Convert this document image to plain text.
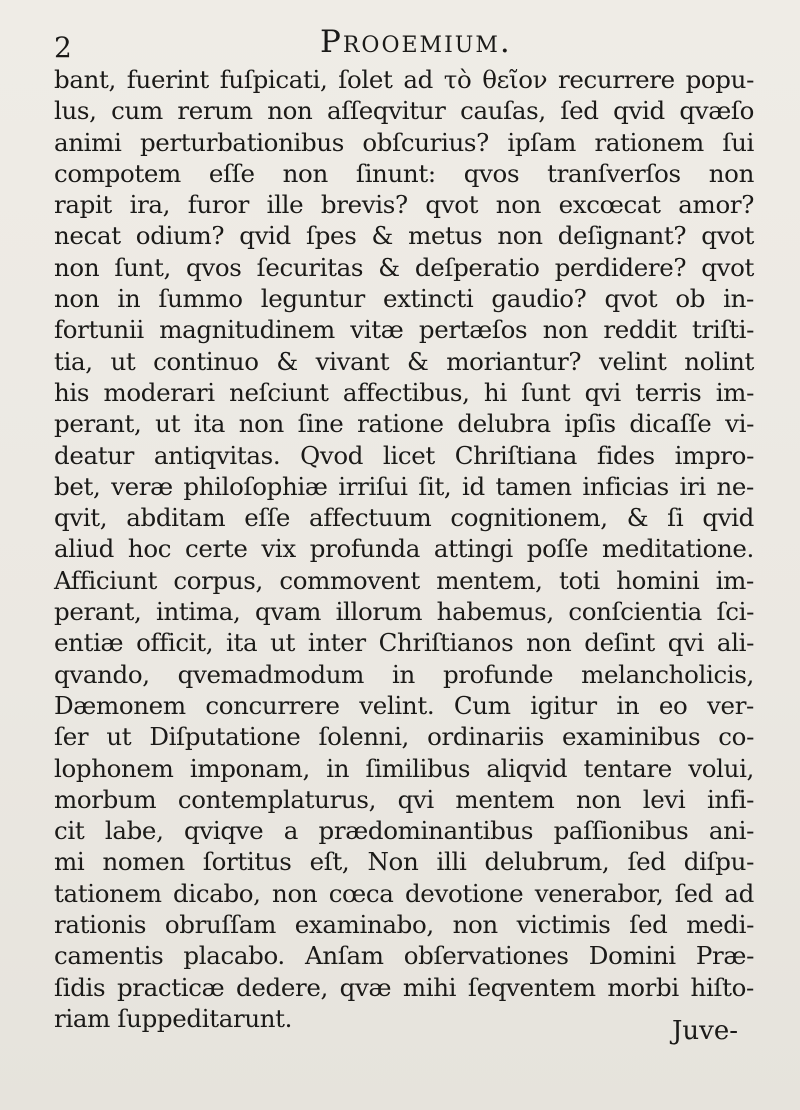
2	Prooemium.
bant, fuerint fuſpicati, ſolet ad τὸ θεῖον recurrere popu-
lus, cum rerum non aſſeqvitur cauſas, ſed qvid qvæſo
animi perturbationibus obſcurius? ipſam rationem ſui
compotem eſſe non ſinunt: qvos tranſverſos non
rapit ira, furor ille brevis? qvot non excœcat amor?
necat odium? qvid ſpes & metus non deſignant? qvot
non ſunt, qvos ſecuritas & deſperatio perdidere? qvot
non in ſummo leguntur extincti gaudio? qvot ob in-
fortunii magnitudinem vitæ pertæſos non reddit triſti-
tia, ut continuo & vivant & moriantur? velint nolint
his moderari neſciunt affectibus, hi ſunt qvi terris im-
perant, ut ita non ſine ratione delubra ipſis dicaſſe vi-
deatur antiqvitas. Qvod licet Chriſtiana fides impro-
bet, veræ philoſophiæ irriſui ſit, id tamen inficias iri ne-
qvit, abditam eſſe affectuum cognitionem, & ſi qvid
aliud hoc certe vix profunda attingi poſſe meditatione.
Afficiunt corpus, commovent mentem, toti homini im-
perant, intima, qvam illorum habemus, conſcientia ſci-
entiæ officit, ita ut inter Chriſtianos non deſint qvi ali-
qvando, qvemadmodum in profunde melancholicis,
Dæmonem concurrere velint. Cum igitur in eo ver-
ſer ut Diſputatione ſolenni, ordinariis examinibus co-
lophonem imponam, in ſimilibus aliqvid tentare volui,
morbum contemplaturus, qvi mentem non levi infi-
cit labe, qviqve a prædominantibus paſſionibus ani-
mi nomen ſortitus eſt, Non illi delubrum, ſed diſpu-
tationem dicabo, non cœca devotione venerabor, ſed ad
rationis obruſſam examinabo, non victimis ſed medi-
camentis placabo. Anſam obſervationes Domini Præ-
ſidis practicæ dedere, qvæ mihi ſeqventem morbi hiſto-
riam ſuppeditarunt.	Juve-
